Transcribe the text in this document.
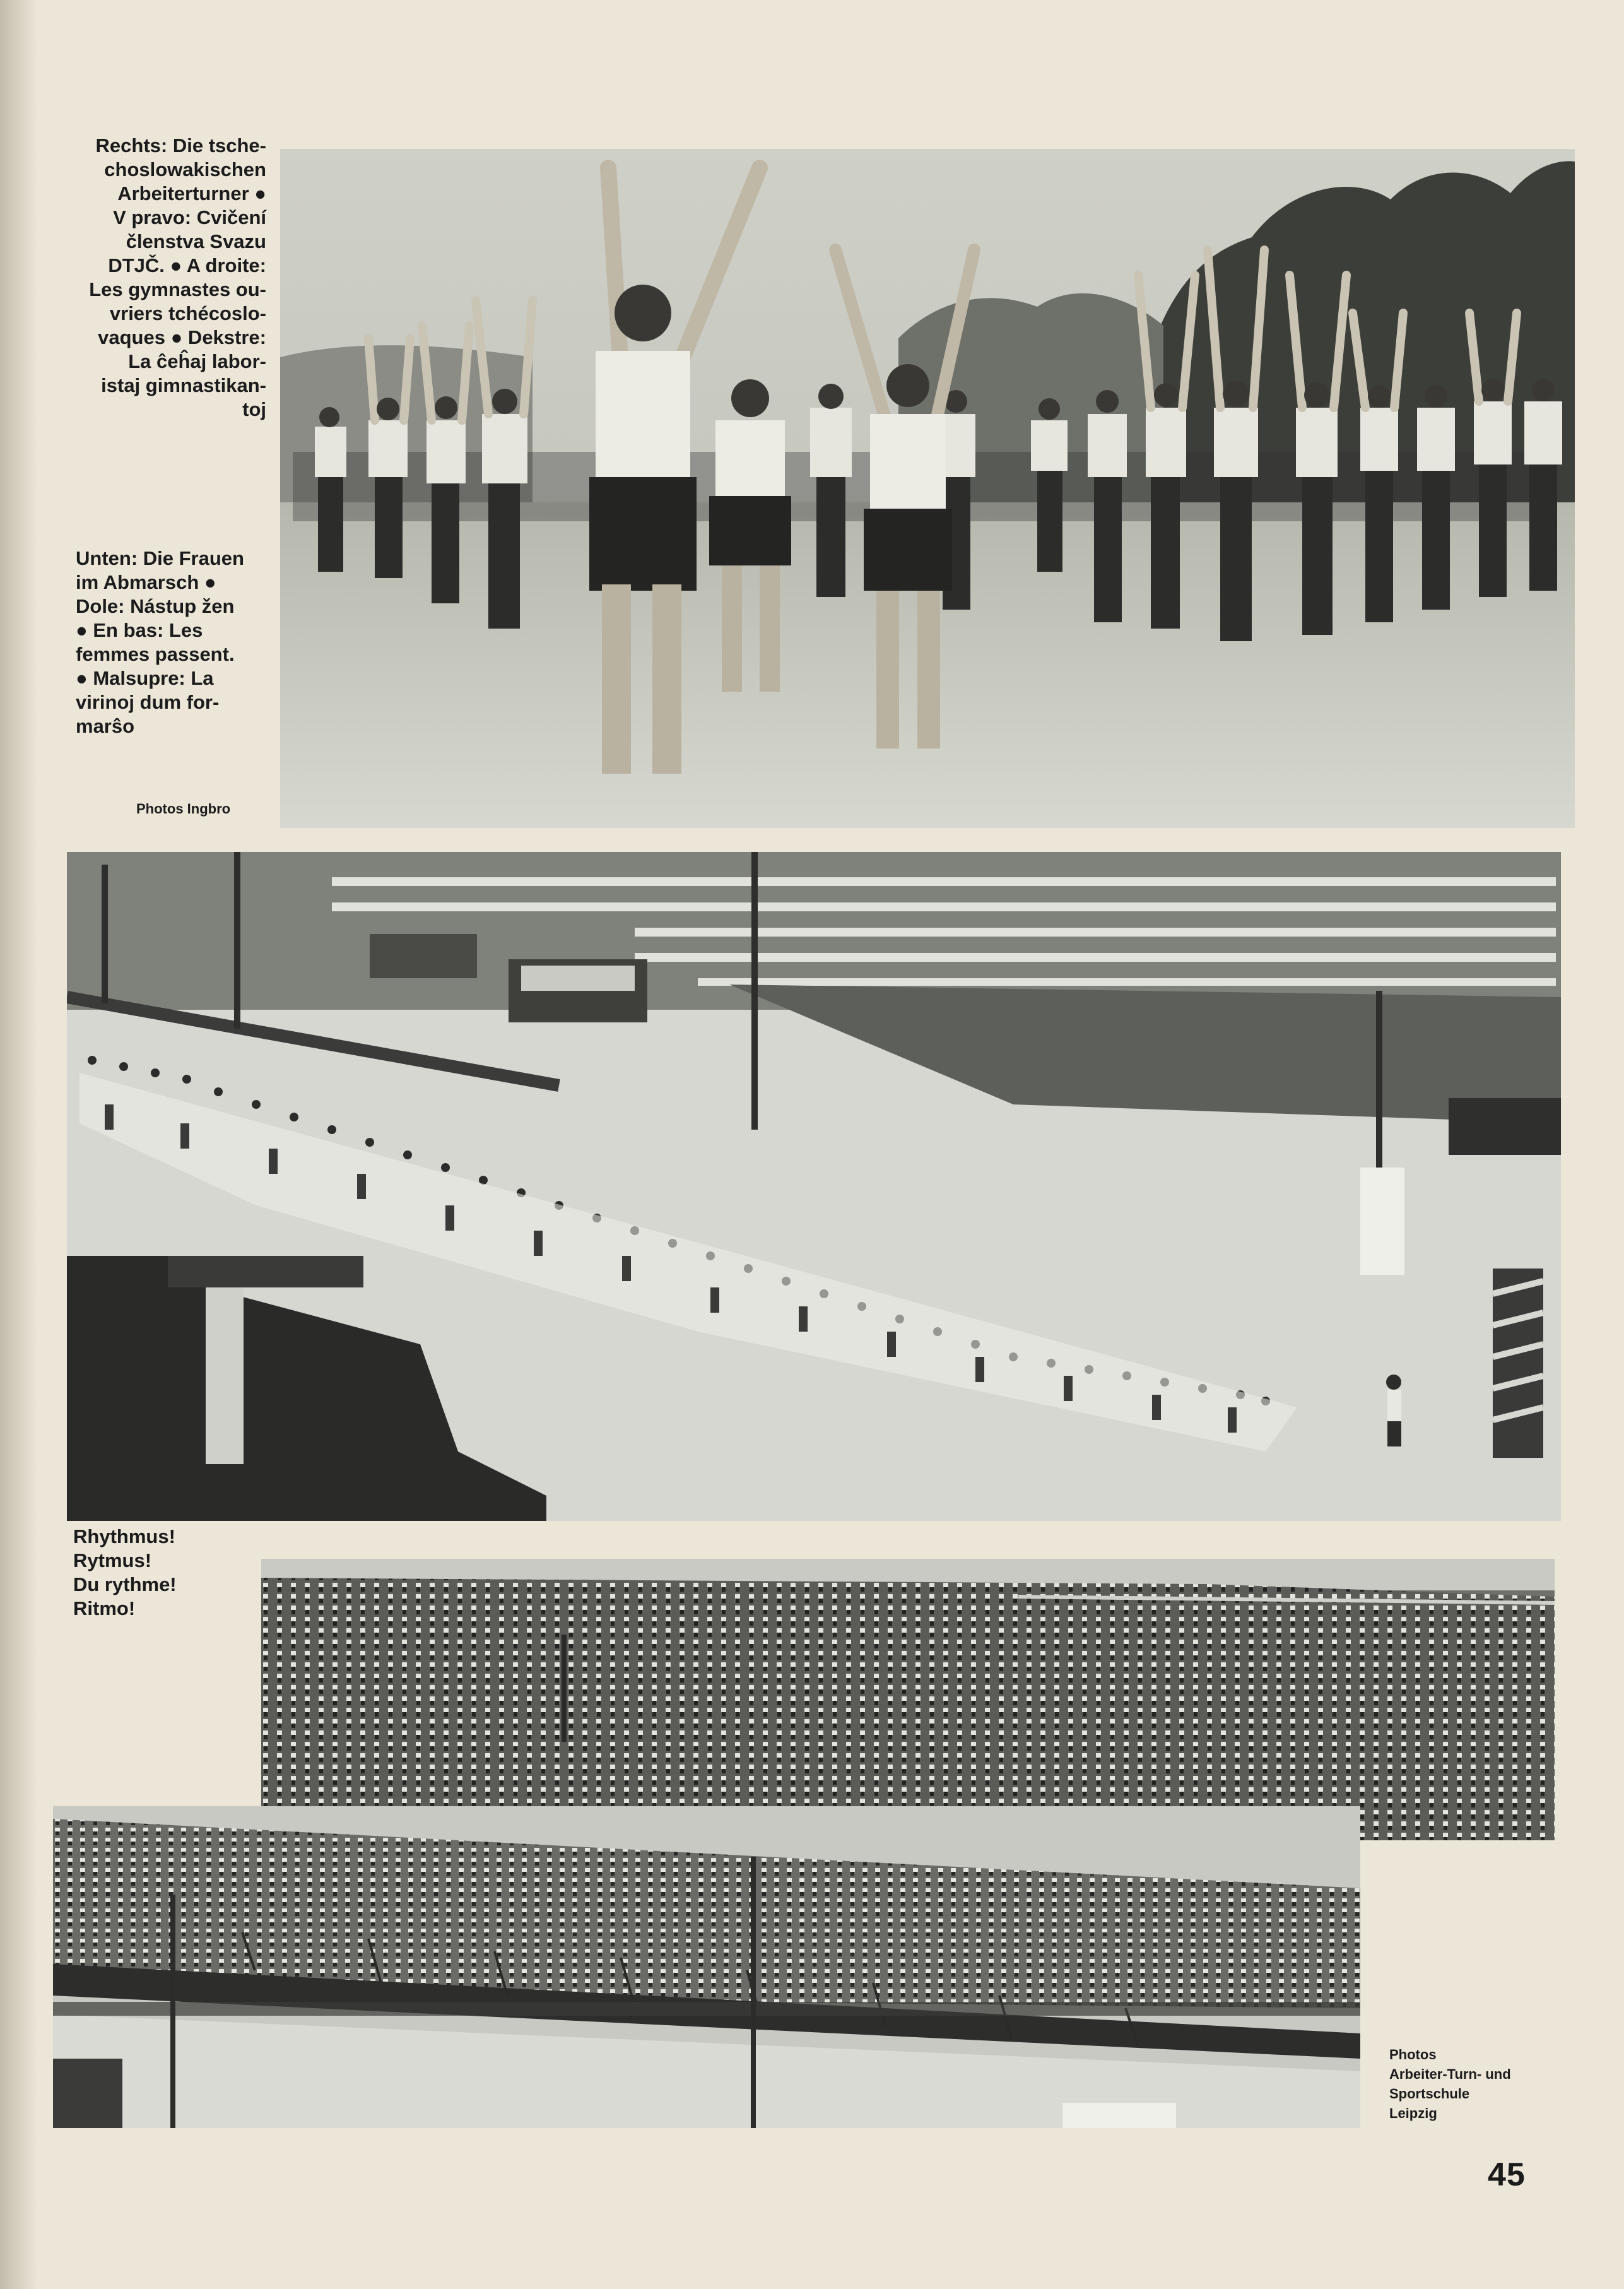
Rechts: Die tsche-
choslowakischen
Arbeiterturner ●
V pravo: Cvičení
členstva Svazu
DTJČ. ● A droite:
Les gymnastes ou-
vriers tchécoslo-
vaques ● Dekstre:
La ĉeĥaj labor-
istaj gimnastikan-
toj
Unten: Die Frauen
im Abmarsch ●
Dole: Nástup žen
● En bas: Les
femmes passent.
● Malsupre: La
virinoj dum for-
marŝo
Photos Ingbro
Rhythmus!
Rytmus!
Du rythme!
Ritmo!
Photos
Arbeiter-Turn- und
Sportschule
Leipzig
45
